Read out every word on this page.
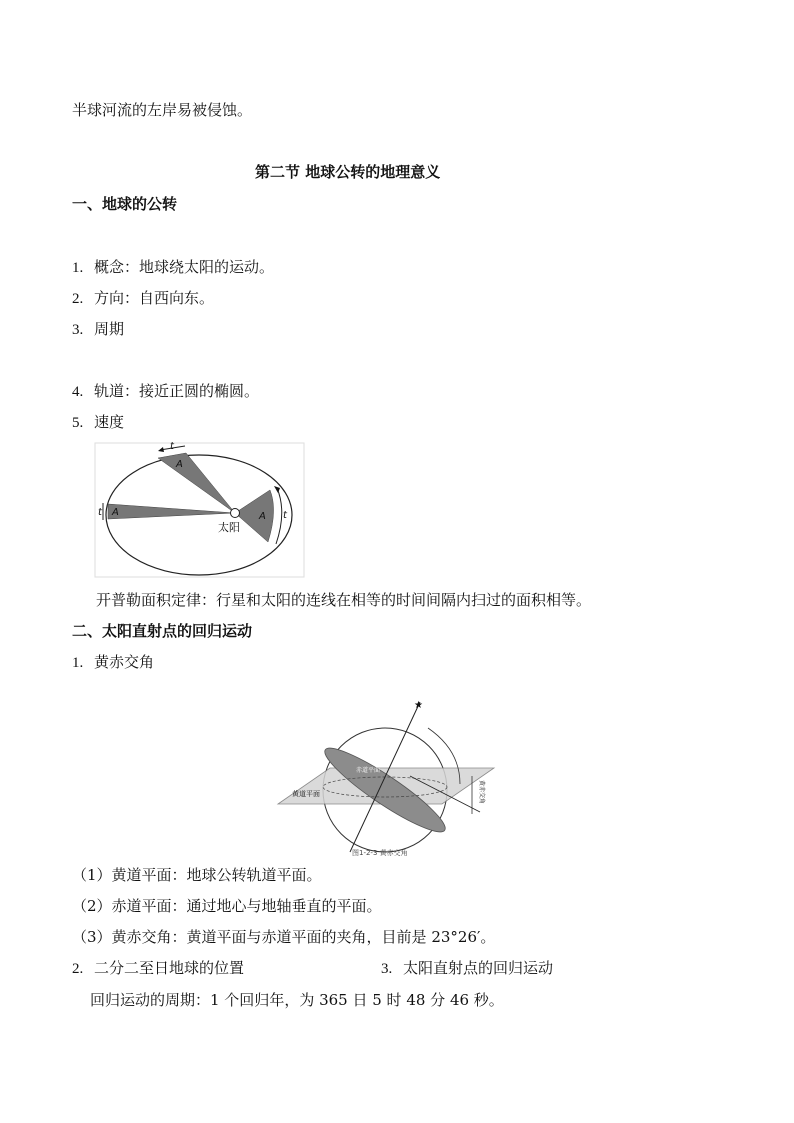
半球河流的左岸易被侵蚀。
第二节 地球公转的地理意义
一、地球的公转
1. 概念：地球绕太阳的运动。
2. 方向：自西向东。
3. 周期
4. 轨道：接近正圆的椭圆。
5. 速度
太阳
A
A	A
t
t	t
开普勒面积定律：行星和太阳的连线在相等的时间间隔内扫过的面积相等。
二、太阳直射点的回归运动
1. 黄赤交角
★
黄道平面
赤道平面
黄赤交角
图1-2-3 黄赤交角
（1）黄道平面：地球公转轨道平面。
（2）赤道平面：通过地心与地轴垂直的平面。
（3）黄赤交角：黄道平面与赤道平面的夹角，目前是 23°26′。
2. 二分二至日地球的位置	3. 太阳直射点的回归运动
回归运动的周期：1 个回归年，为 365 日 5 时 48 分 46 秒。
